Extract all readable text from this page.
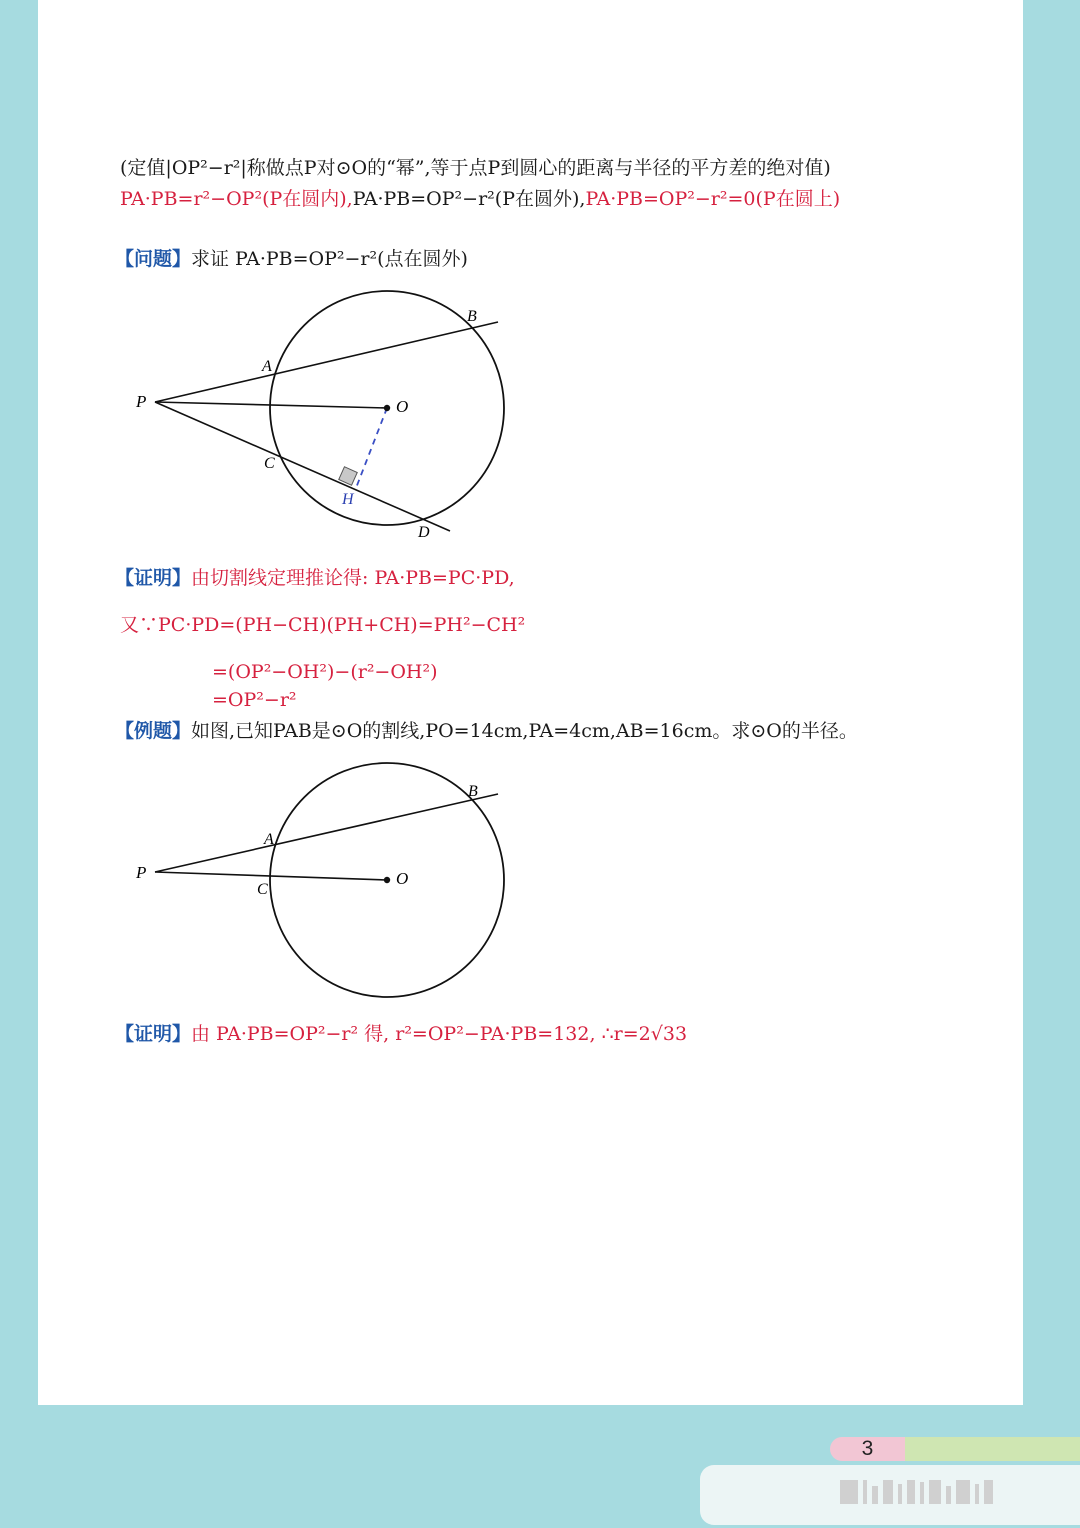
(定值|OP²−r²|称做点P对⊙O的“幂”,等于点P到圆心的距离与半径的平方差的绝对值)
PA·PB=r²−OP²(P在圆内),PA·PB=OP²−r²(P在圆外),PA·PB=OP²−r²=0(P在圆上)
【问题】求证 PA·PB=OP²−r²(点在圆外)
P
A
B
O
C
H
D
【证明】由切割线定理推论得: PA·PB=PC·PD,
又∵PC·PD=(PH−CH)(PH+CH)=PH²−CH²
=(OP²−OH²)−(r²−OH²)
=OP²−r²
【例题】如图,已知PAB是⊙O的割线,PO=14cm,PA=4cm,AB=16cm。求⊙O的半径。
P
A
B
O
C
【证明】由 PA·PB=OP²−r² 得, r²=OP²−PA·PB=132, ∴r=2√33
3
